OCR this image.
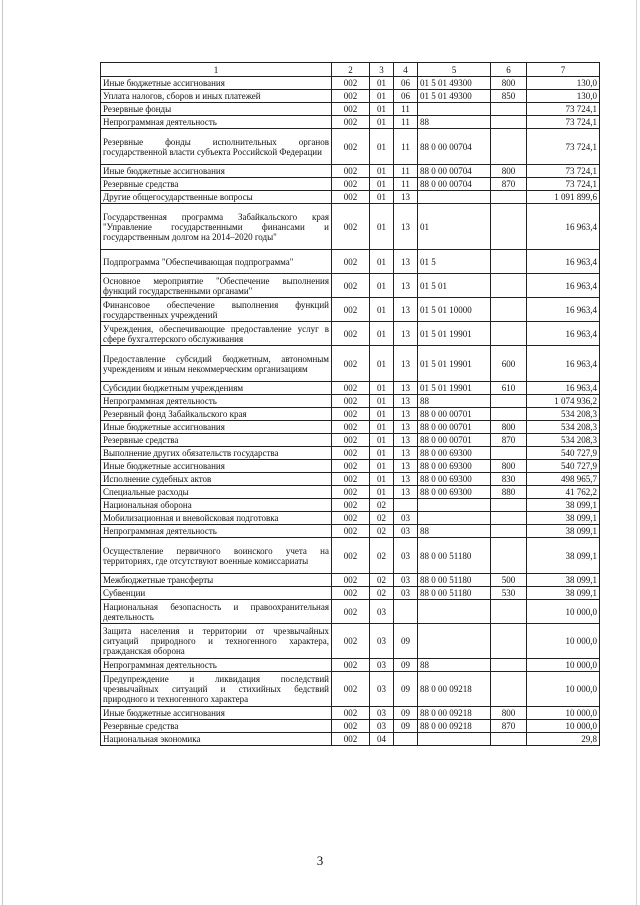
1	2	3	4	5	6	7
Иные бюджетные ассигнования	002	01	06	01 5 01 49300	800	130,0
Уплата налогов, сборов и иных платежей	002	01	06	01 5 01 49300	850	130,0
Резервные фонды	002	01	11			73 724,1
Непрограммная деятельность	002	01	11	88		73 724,1
Резервные фонды исполнительных органов государственной власти субъекта Российской Федерации	002	01	11	88 0 00 00704		73 724,1
Иные бюджетные ассигнования	002	01	11	88 0 00 00704	800	73 724,1
Резервные средства	002	01	11	88 0 00 00704	870	73 724,1
Другие общегосударственные вопросы	002	01	13			1 091 899,6
Государственная программа Забайкальского края "Управление государственными финансами и государственным долгом на 2014–2020 годы"	002	01	13	01		16 963,4
Подпрограмма "Обеспечивающая подпрограмма"	002	01	13	01 5		16 963,4
Основное мероприятие "Обеспечение выполнения функций государственными органами"	002	01	13	01 5 01		16 963,4
Финансовое обеспечение выполнения функций государственных учреждений	002	01	13	01 5 01 10000		16 963,4
Учреждения, обеспечивающие предоставление услуг в сфере бухгалтерского обслуживания	002	01	13	01 5 01 19901		16 963,4
Предоставление субсидий бюджетным, автономным учреждениям и иным некоммерческим организациям	002	01	13	01 5 01 19901	600	16 963,4
Субсидии бюджетным учреждениям	002	01	13	01 5 01 19901	610	16 963,4
Непрограммная деятельность	002	01	13	88		1 074 936,2
Резервный фонд Забайкальского края	002	01	13	88 0 00 00701		534 208,3
Иные бюджетные ассигнования	002	01	13	88 0 00 00701	800	534 208,3
Резервные средства	002	01	13	88 0 00 00701	870	534 208,3
Выполнение других обязательств государства	002	01	13	88 0 00 69300		540 727,9
Иные бюджетные ассигнования	002	01	13	88 0 00 69300	800	540 727,9
Исполнение судебных актов	002	01	13	88 0 00 69300	830	498 965,7
Специальные расходы	002	01	13	88 0 00 69300	880	41 762,2
Национальная оборона	002	02				38 099,1
Мобилизационная и вневойсковая подготовка	002	02	03			38 099,1
Непрограммная деятельность	002	02	03	88		38 099,1
Осуществление первичного воинского учета на территориях, где отсутствуют военные комиссариаты	002	02	03	88 0 00 51180		38 099,1
Межбюджетные трансферты	002	02	03	88 0 00 51180	500	38 099,1
Субвенции	002	02	03	88 0 00 51180	530	38 099,1
Национальная безопасность и правоохранительная деятельность	002	03				10 000,0
Защита населения и территории от чрезвычайных ситуаций природного и техногенного характера, гражданская оборона	002	03	09			10 000,0
Непрограммная деятельность	002	03	09	88		10 000,0
Предупреждение и ликвидация последствий чрезвычайных ситуаций и стихийных бедствий природного и техногенного характера	002	03	09	88 0 00 09218		10 000,0
Иные бюджетные ассигнования	002	03	09	88 0 00 09218	800	10 000,0
Резервные средства	002	03	09	88 0 00 09218	870	10 000,0
Национальная экономика	002	04				29,8
3
